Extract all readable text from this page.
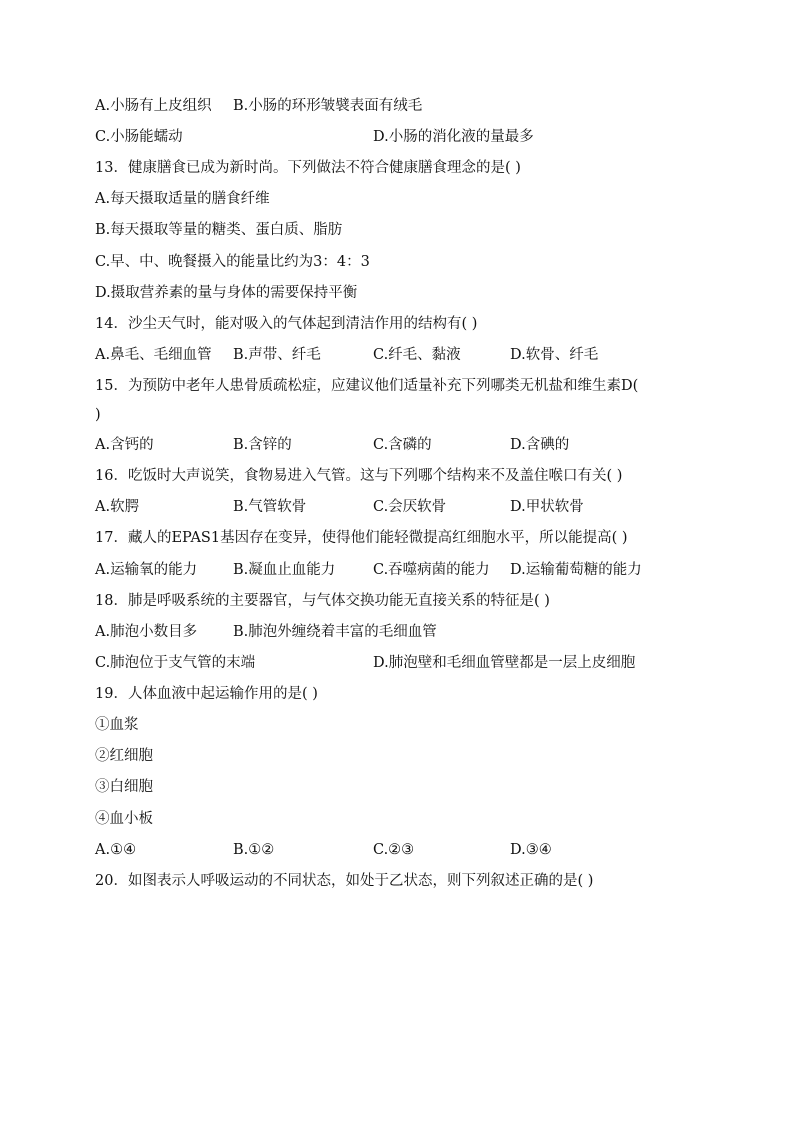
A.小肠有上皮组织 B.小肠的环形皱襞表面有绒毛
C.小肠能蠕动	D.小肠的消化液的量最多
13．健康膳食已成为新时尚。下列做法不符合健康膳食理念的是( )
A.每天摄取适量的膳食纤维
B.每天摄取等量的糖类、蛋白质、脂肪
C.早、中、晚餐摄入的能量比约为3：4：3
D.摄取营养素的量与身体的需要保持平衡
14．沙尘天气时，能对吸入的气体起到清洁作用的结构有( )
A.鼻毛、毛细血管 B.声带、纤毛	C.纤毛、黏液	D.软骨、纤毛
15．为预防中老年人患骨质疏松症，应建议他们适量补充下列哪类无机盐和维生素D(
)
A.含钙的	B.含锌的	C.含磷的	D.含碘的
16．吃饭时大声说笑，食物易进入气管。这与下列哪个结构来不及盖住喉口有关( )
A.软腭	B.气管软骨	C.会厌软骨	D.甲状软骨
17．藏人的EPAS1基因存在变异，使得他们能轻微提高红细胞水平，所以能提高( )
A.运输氧的能力 B.凝血止血能力	C.吞噬病菌的能力 D.运输葡萄糖的能力
18．肺是呼吸系统的主要器官，与气体交换功能无直接关系的特征是( )
A.肺泡小数目多 B.肺泡外缠绕着丰富的毛细血管
C.肺泡位于支气管的末端	D.肺泡壁和毛细血管壁都是一层上皮细胞
19．人体血液中起运输作用的是( )
①血浆
②红细胞
③白细胞
④血小板
A.①④	B.①②	C.②③	D.③④
20．如图表示人呼吸运动的不同状态，如处于乙状态，则下列叙述正确的是( )
